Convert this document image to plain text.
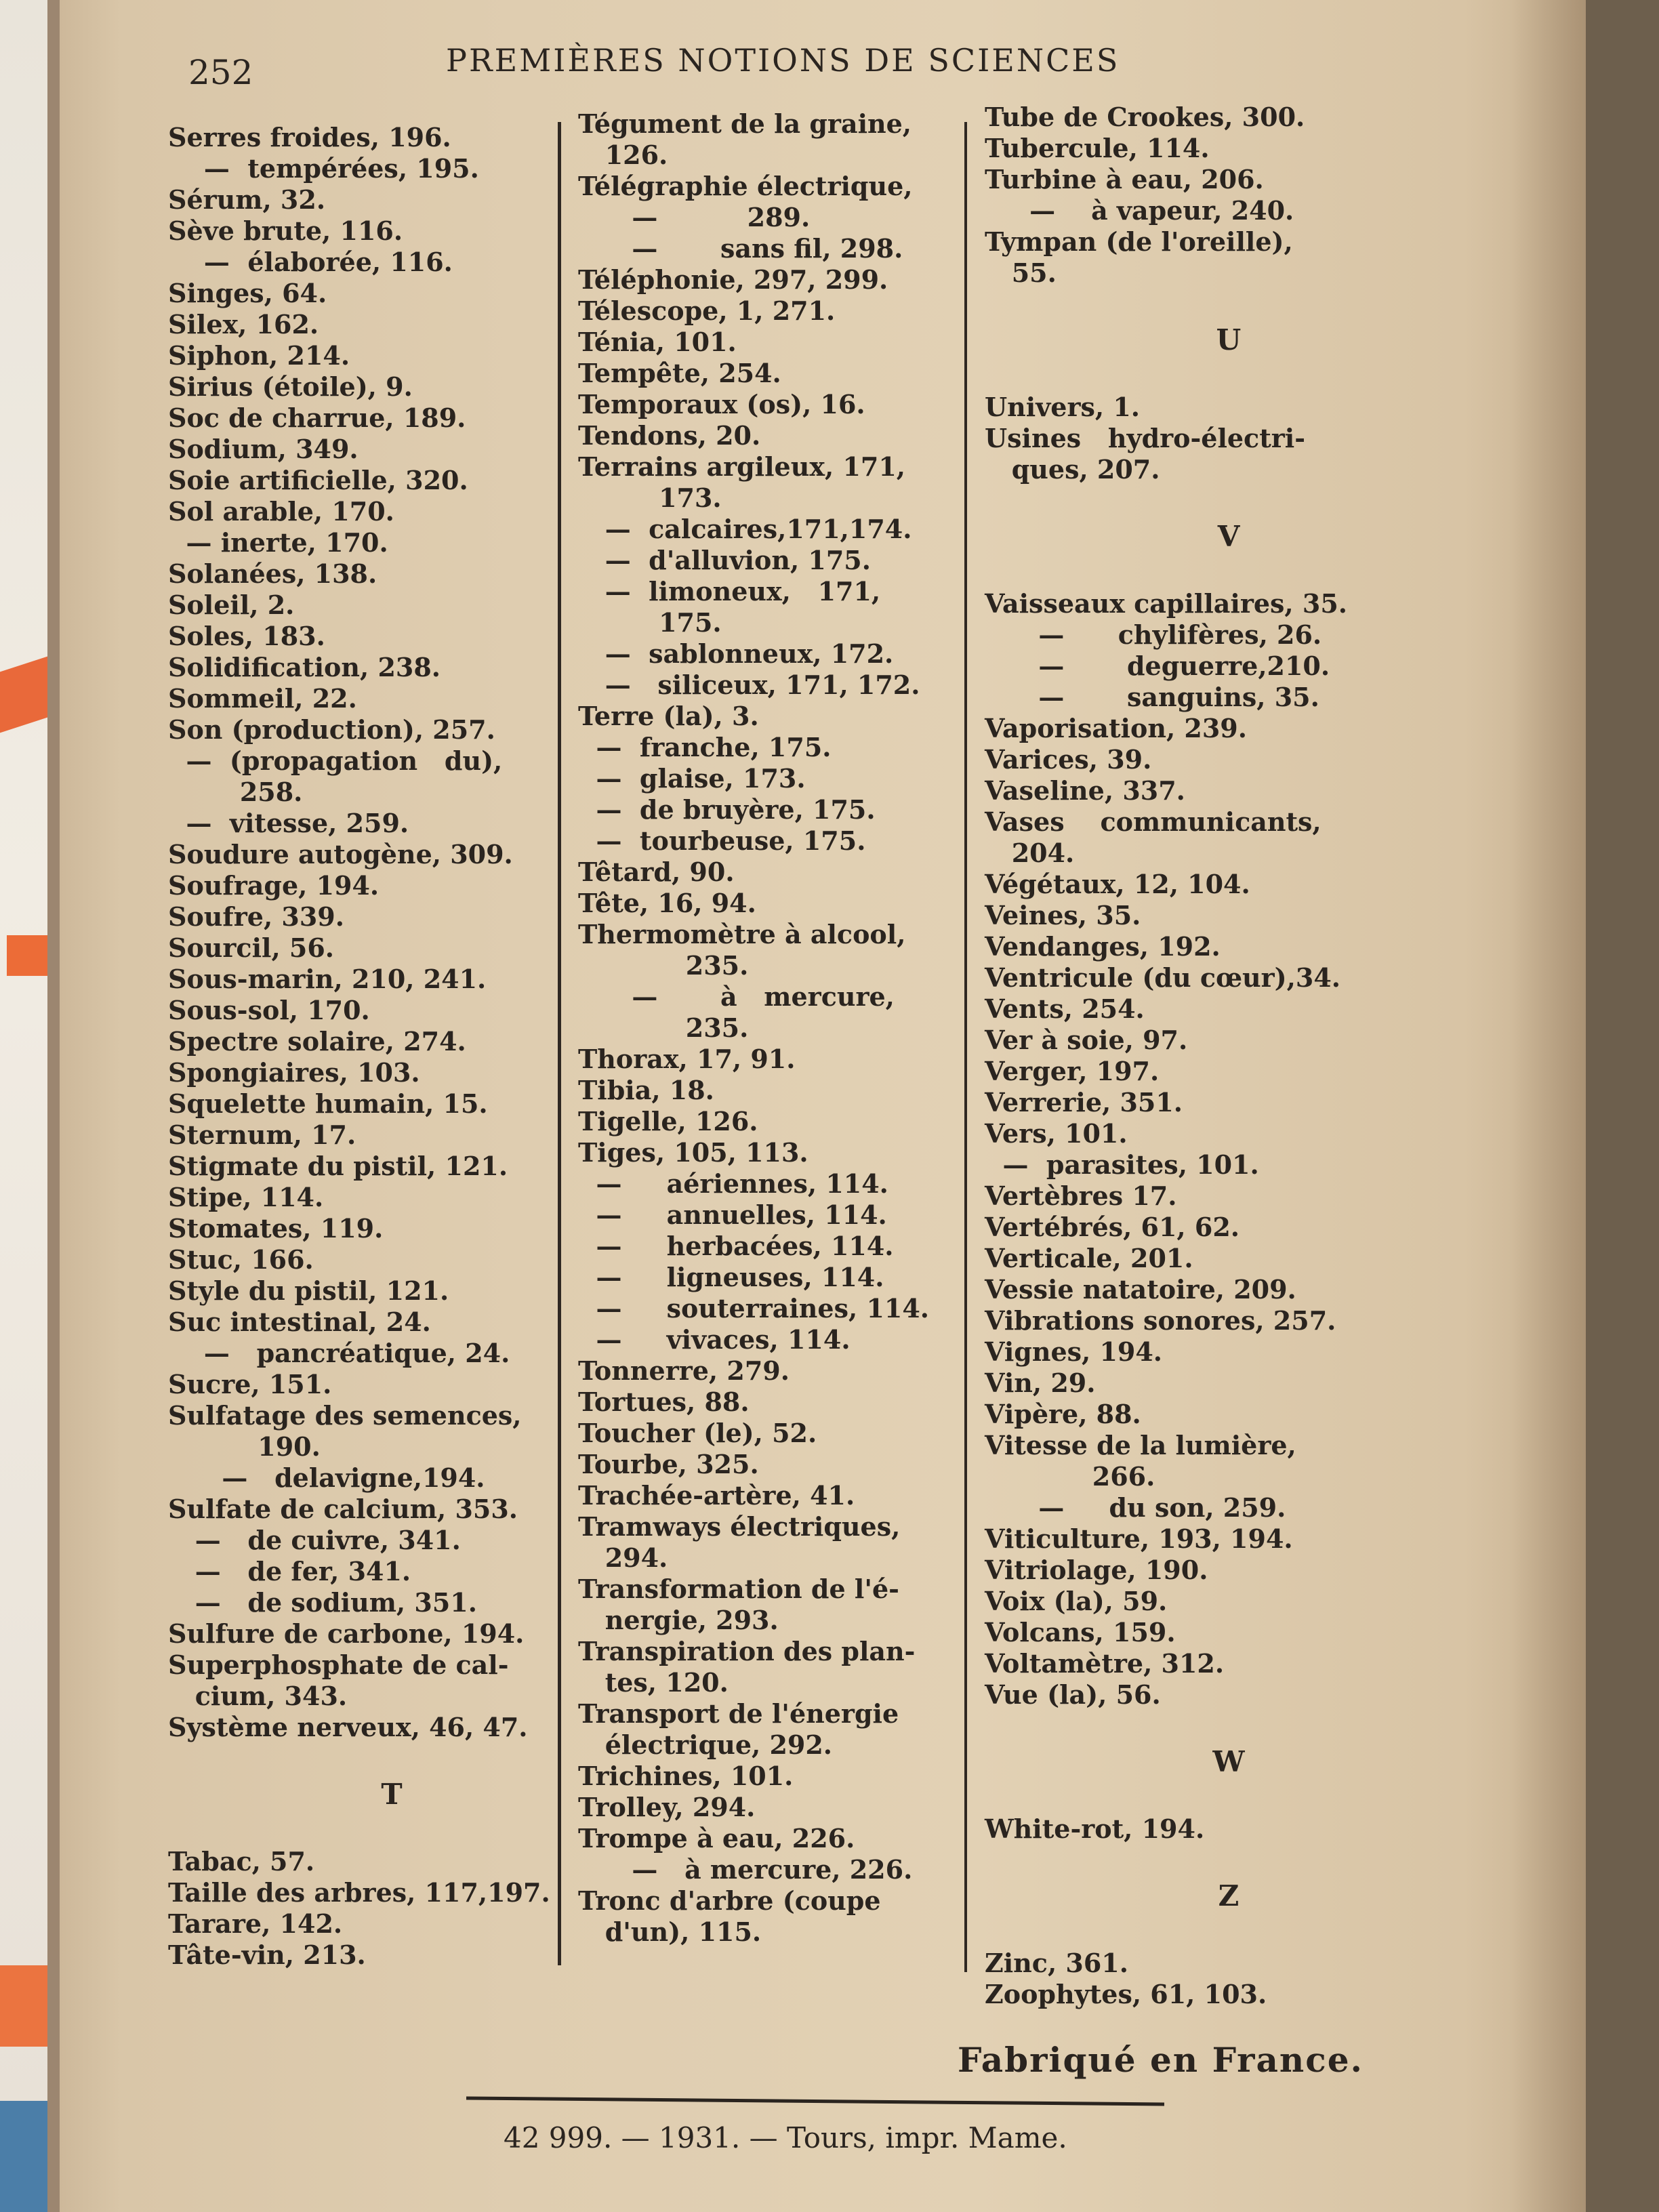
252	PREMIÈRES NOTIONS DE SCIENCES
Serres froides, 196.
—  tempérées, 195.
Sérum, 32.
Sève brute, 116.
—  élaborée, 116.
Singes, 64.
Silex, 162.
Siphon, 214.
Sirius (étoile), 9.
Soc de charrue, 189.
Sodium, 349.
Soie artificielle, 320.
Sol arable, 170.
— inerte, 170.
Solanées, 138.
Soleil, 2.
Soles, 183.
Solidification, 238.
Sommeil, 22.
Son (production), 257.
—  (propagation   du),
258.
—  vitesse, 259.
Soudure autogène, 309.
Soufrage, 194.
Soufre, 339.
Sourcil, 56.
Sous-marin, 210, 241.
Sous-sol, 170.
Spectre solaire, 274.
Spongiaires, 103.
Squelette humain, 15.
Sternum, 17.
Stigmate du pistil, 121.
Stipe, 114.
Stomates, 119.
Stuc, 166.
Style du pistil, 121.
Suc intestinal, 24.
—   pancréatique, 24.
Sucre, 151.
Sulfatage des semences,
190.
—   delavigne,194.
Sulfate de calcium, 353.
—   de cuivre, 341.
—   de fer, 341.
—   de sodium, 351.
Sulfure de carbone, 194.
Superphosphate de cal-
cium, 343.
Système nerveux, 46, 47.
T
Tabac, 57.
Taille des arbres, 117,197.
Tarare, 142.
Tâte-vin, 213.
Tégument de la graine,
126.
Télégraphie électrique,
—          289.
—       sans fil, 298.
Téléphonie, 297, 299.
Télescope, 1, 271.
Ténia, 101.
Tempête, 254.
Temporaux (os), 16.
Tendons, 20.
Terrains argileux, 171,
173.
—  calcaires,171,174.
—  d'alluvion, 175.
—  limoneux,   171,
175.
—  sablonneux, 172.
—   siliceux, 171, 172.
Terre (la), 3.
—  franche, 175.
—  glaise, 173.
—  de bruyère, 175.
—  tourbeuse, 175.
Têtard, 90.
Tête, 16, 94.
Thermomètre à alcool,
235.
—       à   mercure,
235.
Thorax, 17, 91.
Tibia, 18.
Tigelle, 126.
Tiges, 105, 113.
—     aériennes, 114.
—     annuelles, 114.
—     herbacées, 114.
—     ligneuses, 114.
—     souterraines, 114.
—     vivaces, 114.
Tonnerre, 279.
Tortues, 88.
Toucher (le), 52.
Tourbe, 325.
Trachée-artère, 41.
Tramways électriques,
294.
Transformation de l'é-
nergie, 293.
Transpiration des plan-
tes, 120.
Transport de l'énergie
électrique, 292.
Trichines, 101.
Trolley, 294.
Trompe à eau, 226.
—   à mercure, 226.
Tronc d'arbre (coupe
d'un), 115.
Tube de Crookes, 300.
Tubercule, 114.
Turbine à eau, 206.
—    à vapeur, 240.
Tympan (de l'oreille),
55.
U
Univers, 1.
Usines   hydro-électri-
ques, 207.
V
Vaisseaux capillaires, 35.
—      chylifères, 26.
—       deguerre,210.
—       sanguins, 35.
Vaporisation, 239.
Varices, 39.
Vaseline, 337.
Vases    communicants,
204.
Végétaux, 12, 104.
Veines, 35.
Vendanges, 192.
Ventricule (du cœur),34.
Vents, 254.
Ver à soie, 97.
Verger, 197.
Verrerie, 351.
Vers, 101.
—  parasites, 101.
Vertèbres 17.
Vertébrés, 61, 62.
Verticale, 201.
Vessie natatoire, 209.
Vibrations sonores, 257.
Vignes, 194.
Vin, 29.
Vipère, 88.
Vitesse de la lumière,
266.
—     du son, 259.
Viticulture, 193, 194.
Vitriolage, 190.
Voix (la), 59.
Volcans, 159.
Voltamètre, 312.
Vue (la), 56.
W
White-rot, 194.
Z
Zinc, 361.
Zoophytes, 61, 103.
Fabriqué en France.
42 999. — 1931. — Tours, impr. Mame.
